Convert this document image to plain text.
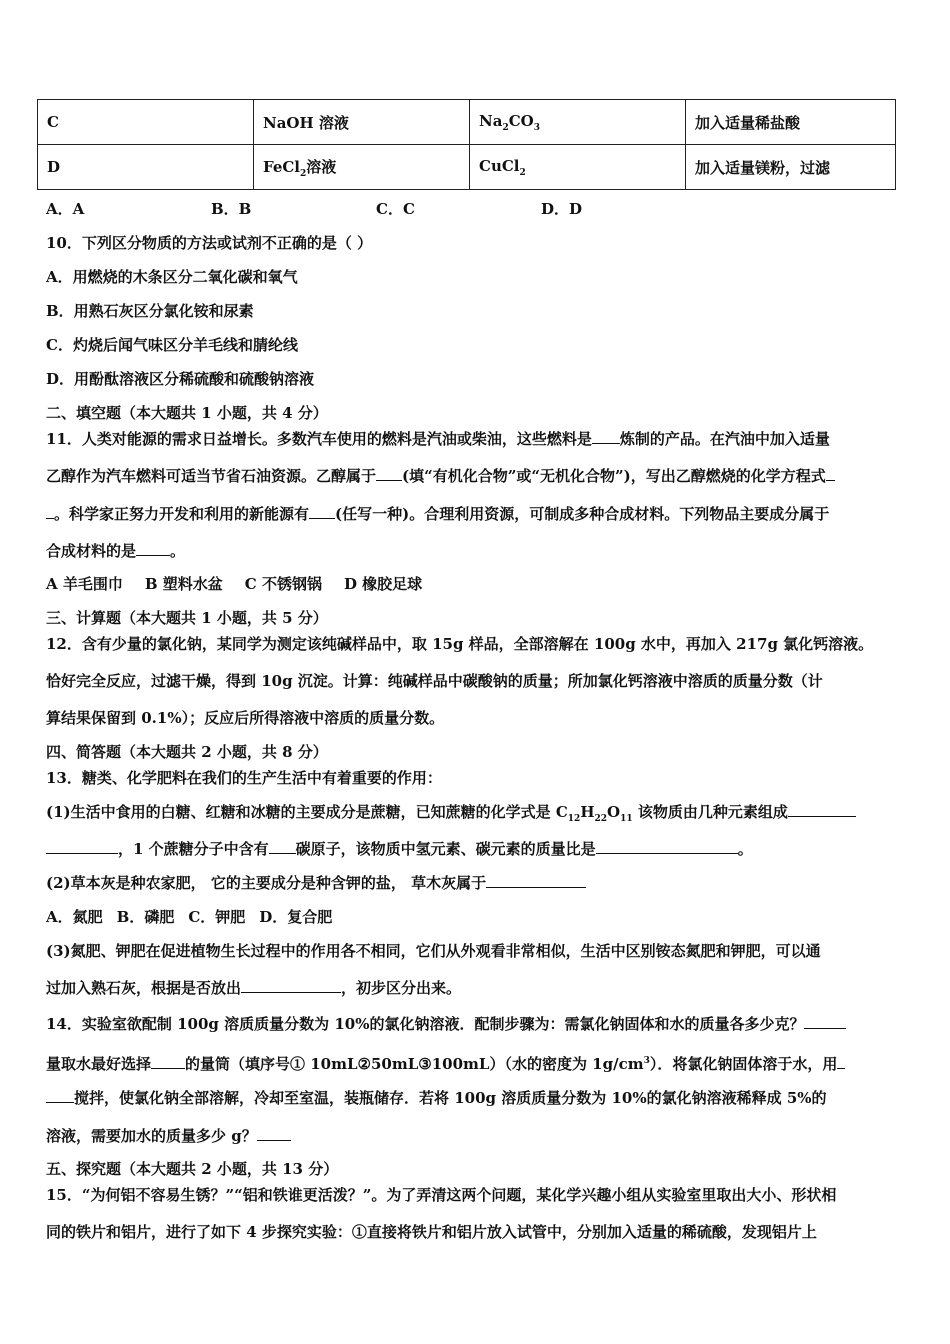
C	NaOH 溶液	$Na_2CO_3$	加入适量稀盐酸
D	FeCl$_2$溶液	CuCl$_2$	加入适量镁粉，过滤
A．A	B．B	C．C	D．D
10．下列区分物质的方法或试剂不正确的是（ ）
A．用燃烧的木条区分二氧化碳和氧气
B．用熟石灰区分氯化铵和尿素
C．灼烧后闻气味区分羊毛线和腈纶线
D．用酚酞溶液区分稀硫酸和硫酸钠溶液
二、填空题（本大题共 1 小题，共 4 分）
11．人类对能源的需求日益增长。多数汽车使用的燃料是汽油或柴油，这些燃料是 炼制的产品。在汽油中加入适量
乙醇作为汽车燃料可适当节省石油资源。乙醇属于 (填“有机化合物”或“无机化合物”)，写出乙醇燃烧的化学方程式
。科学家正努力开发和利用的新能源有 (任写一种)。合理利用资源，可制成多种合成材料。下列物品主要成分属于
合成材料的是 。
A 羊毛围巾 B 塑料水盆 C 不锈钢锅 D 橡胶足球
三、计算题（本大题共 1 小题，共 5 分）
12．含有少量的氯化钠，某同学为测定该纯碱样品中，取 15g 样品，全部溶解在 100g 水中，再加入 217g 氯化钙溶液。
恰好完全反应，过滤干燥，得到 10g 沉淀。计算：纯碱样品中碳酸钠的质量；所加氯化钙溶液中溶质的质量分数（计
算结果保留到 0.1%）；反应后所得溶液中溶质的质量分数。
四、简答题（本大题共 2 小题，共 8 分）
13．糖类、化学肥料在我们的生产生活中有着重要的作用：
(1)生活中食用的白糖、红糖和冰糖的主要成分是蔗糖，已知蔗糖的化学式是 $C_{12}H_{22}O_{11}$ 该物质由几种元素组成
，1 个蔗糖分子中含有 碳原子，该物质中氢元素、碳元素的质量比是	。
(2)草本灰是种农家肥， 它的主要成分是种含钾的盐， 草木灰属于
A．氮肥 B．磷肥 C．钾肥 D．复合肥
(3)氮肥、钾肥在促进植物生长过程中的作用各不相同，它们从外观看非常相似，生活中区别铵态氮肥和钾肥，可以通
过加入熟石灰，根据是否放出	，初步区分出来。
14．实验室欲配制 100g 溶质质量分数为 10%的氯化钠溶液．配制步骤为：需氯化钠固体和水的质量各多少克？
量取水最好选择 的量筒（填序号① 10mL②50mL③100mL）（水的密度为 $1g/cm^3$）．将氯化钠固体溶于水，用
搅拌，使氯化钠全部溶解，冷却至室温，装瓶储存．若将 100g 溶质质量分数为 10%的氯化钠溶液稀释成 5%的
溶液，需要加水的质量多少 g？
五、探究题（本大题共 2 小题，共 13 分）
15．“为何铝不容易生锈？”“铝和铁谁更活泼？”。为了弄清这两个问题，某化学兴趣小组从实验室里取出大小、形状相
同的铁片和铝片，进行了如下 4 步探究实验：①直接将铁片和铝片放入试管中，分别加入适量的稀硫酸，发现铝片上
